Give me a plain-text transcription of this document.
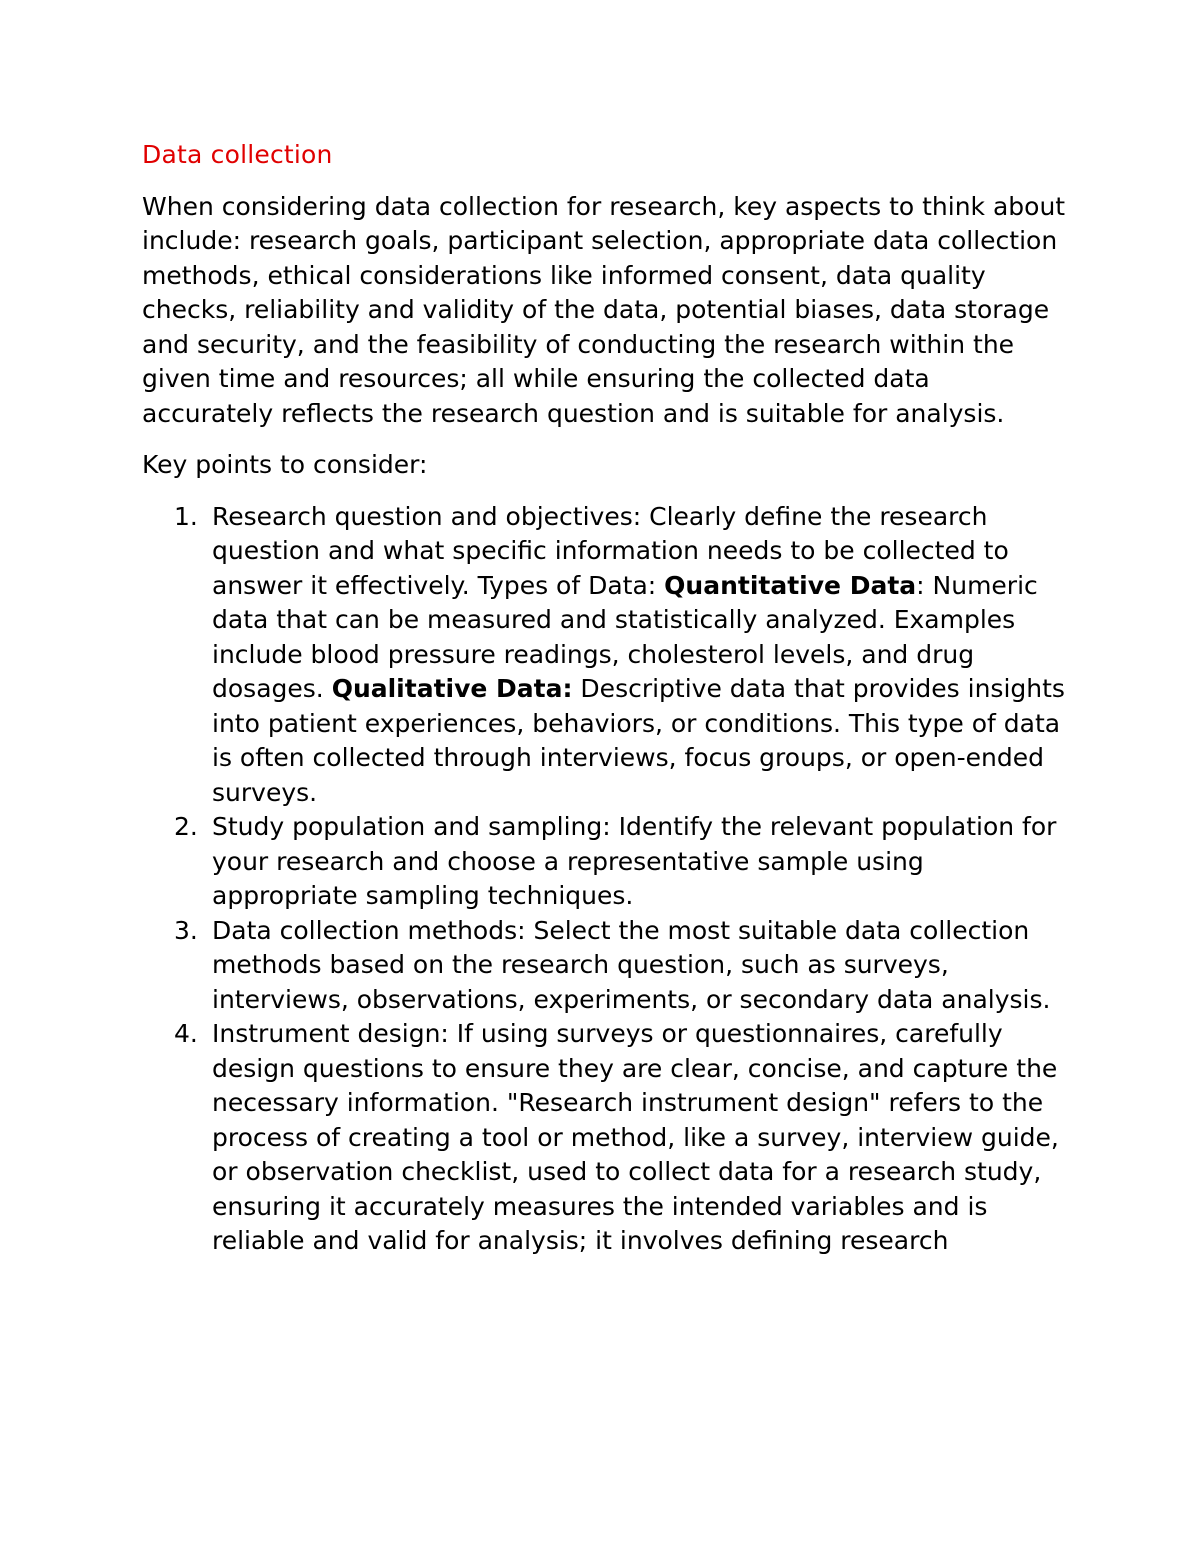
Data collection
When considering data collection for research, key aspects to think about include: research goals, participant selection, appropriate data collection methods, ethical considerations like informed consent, data quality checks, reliability and validity of the data, potential biases, data storage and security, and the feasibility of conducting the research within the given time and resources; all while ensuring the collected data accurately reflects the research question and is suitable for analysis.
Key points to consider:
1. Research question and objectives: Clearly define the research question and what specific information needs to be collected to answer it effectively. Types of Data: Quantitative Data: Numeric data that can be measured and statistically analyzed. Examples include blood pressure readings, cholesterol levels, and drug dosages. Qualitative Data: Descriptive data that provides insights into patient experiences, behaviors, or conditions. This type of data is often collected through interviews, focus groups, or open-ended surveys.
2. Study population and sampling: Identify the relevant population for your research and choose a representative sample using appropriate sampling techniques.
3. Data collection methods: Select the most suitable data collection methods based on the research question, such as surveys, interviews, observations, experiments, or secondary data analysis.
4. Instrument design: If using surveys or questionnaires, carefully design questions to ensure they are clear, concise, and capture the necessary information. "Research instrument design" refers to the process of creating a tool or method, like a survey, interview guide, or observation checklist, used to collect data for a research study, ensuring it accurately measures the intended variables and is reliable and valid for analysis; it involves defining research
